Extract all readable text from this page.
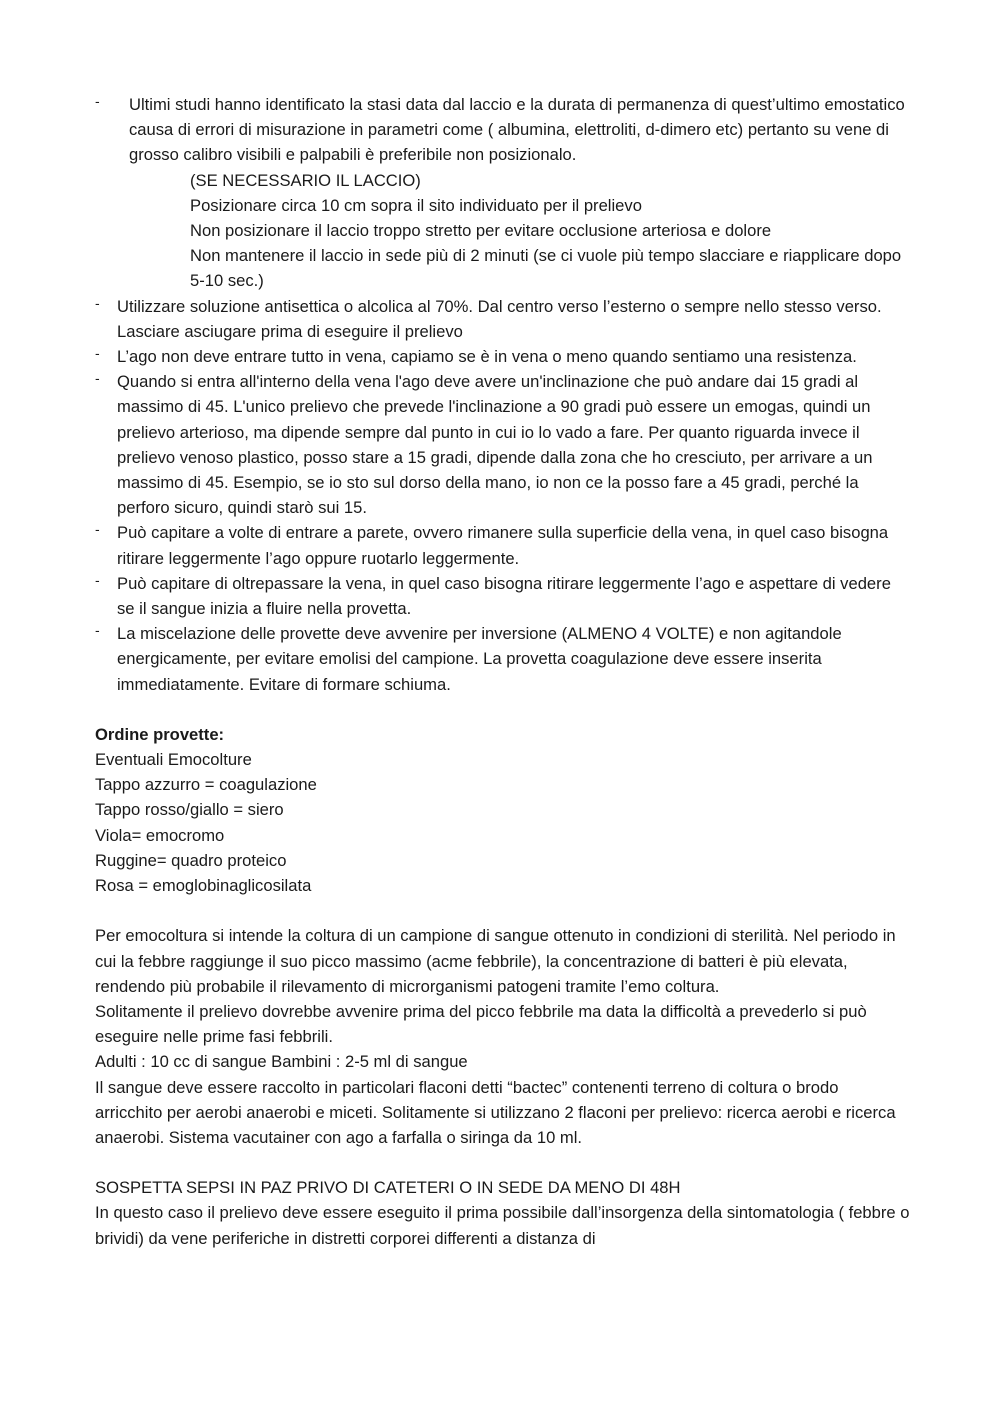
- Ultimi studi hanno identificato la stasi data dal laccio e la durata di permanenza di quest’ultimo emostatico causa di errori di misurazione in parametri come ( albumina, elettroliti, d-dimero etc) pertanto su vene di grosso calibro visibili e palpabili è preferibile non posizionalo.

(SE NECESSARIO IL LACCIO)

Posizionare circa 10 cm sopra il sito individuato per il prelievo

Non posizionare il laccio troppo stretto per evitare occlusione arteriosa e dolore

Non mantenere il laccio in sede più di 2 minuti (se ci vuole più tempo slacciare e riapplicare dopo 5-10 sec.)

- Utilizzare soluzione antisettica o alcolica al 70%. Dal centro verso l’esterno o sempre nello stesso verso. Lasciare asciugare prima di eseguire il prelievo
- L’ago non deve entrare tutto in vena, capiamo se è in vena o meno quando sentiamo una resistenza.
- Quando si entra all'interno della vena l'ago deve avere un'inclinazione che può andare dai 15 gradi al massimo di 45. L'unico prelievo che prevede l'inclinazione a 90 gradi può essere un emogas, quindi un prelievo arterioso, ma dipende sempre dal punto in cui io lo vado a fare. Per quanto riguarda invece il prelievo venoso plastico, posso stare a 15 gradi, dipende dalla zona che ho cresciuto, per arrivare a un massimo di 45. Esempio, se io sto sul dorso della mano, io non ce la posso fare a 45 gradi, perché la perforo sicuro, quindi starò sui 15.
- Può capitare a volte di entrare a parete, ovvero rimanere sulla superficie della vena, in quel caso bisogna ritirare leggermente l’ago oppure ruotarlo leggermente.
- Può capitare di oltrepassare la vena, in quel caso bisogna ritirare leggermente l’ago e aspettare di vedere se il sangue inizia a fluire nella provetta.
- La miscelazione delle provette deve avvenire per inversione (ALMENO 4 VOLTE) e non agitandole energicamente, per evitare emolisi del campione. La provetta coagulazione deve essere inserita immediatamente. Evitare di formare schiuma.

Ordine provette:

Eventuali Emocolture

Tappo azzurro = coagulazione

Tappo rosso/giallo = siero

Viola= emocromo

Ruggine= quadro proteico

Rosa = emoglobinaglicosilata

Per emocoltura si intende la coltura di un campione di sangue ottenuto in condizioni di sterilità. Nel periodo in cui la febbre raggiunge il suo picco massimo (acme febbrile), la concentrazione di batteri è più elevata, rendendo più probabile il rilevamento di microrganismi patogeni tramite l’emo coltura.

Solitamente il prelievo dovrebbe avvenire prima del picco febbrile ma data la difficoltà a prevederlo si può eseguire nelle prime fasi febbrili.

Adulti : 10 cc di sangue Bambini : 2-5 ml di sangue

Il sangue deve essere raccolto in particolari flaconi detti “bactec” contenenti terreno di coltura o brodo arricchito per aerobi anaerobi e miceti. Solitamente si utilizzano 2 flaconi per prelievo: ricerca aerobi e ricerca anaerobi. Sistema vacutainer con ago a farfalla o siringa da 10 ml.

SOSPETTA SEPSI IN PAZ PRIVO DI CATETERI O IN SEDE DA MENO DI 48H

In questo caso il prelievo deve essere eseguito il prima possibile dall’insorgenza della sintomatologia ( febbre o brividi) da vene periferiche in distretti corporei differenti a distanza di
